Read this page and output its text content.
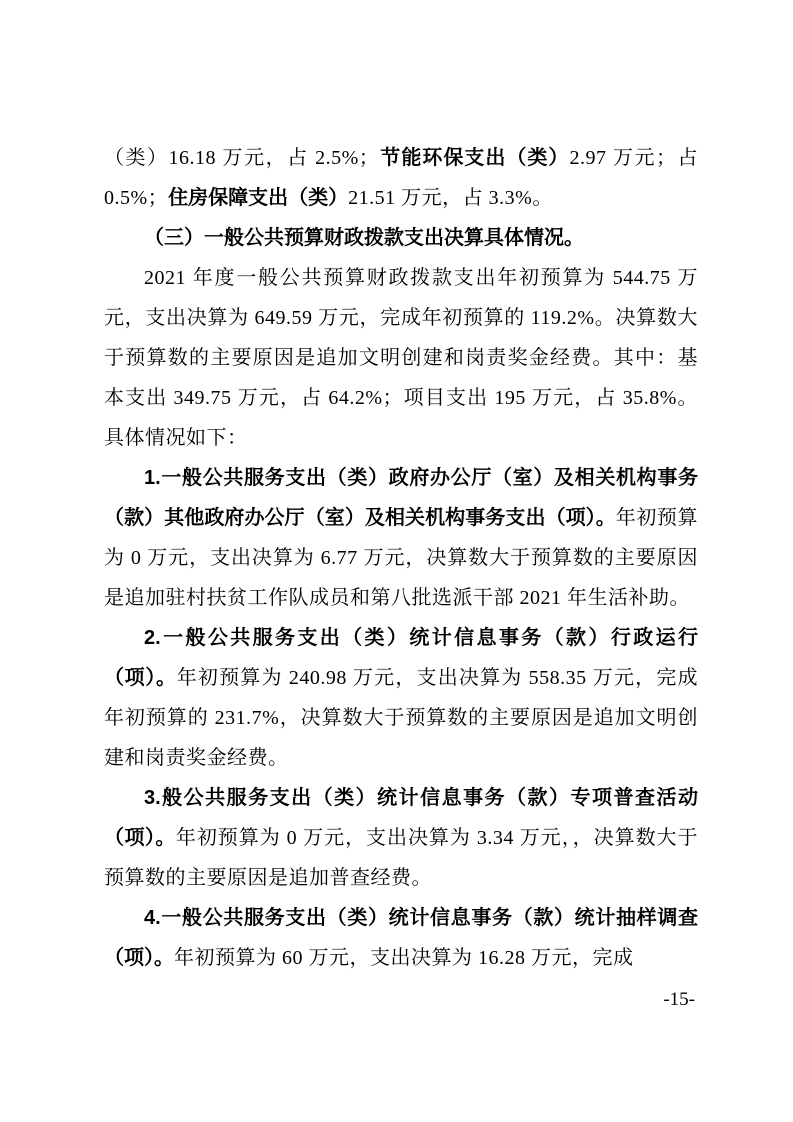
（类）16.18 万元，占 2.5%；节能环保支出（类）2.97 万元；占 0.5%；住房保障支出（类）21.51 万元，占 3.3%。

（三）一般公共预算财政拨款支出决算具体情况。

2021 年度一般公共预算财政拨款支出年初预算为 544.75 万元，支出决算为 649.59 万元，完成年初预算的 119.2%。决算数大于预算数的主要原因是追加文明创建和岗责奖金经费。其中：基本支出 349.75 万元，占 64.2%；项目支出 195 万元，占 35.8%。具体情况如下：

1.一般公共服务支出（类）政府办公厅（室）及相关机构事务（款）其他政府办公厅（室）及相关机构事务支出（项）。年初预算为 0 万元，支出决算为 6.77 万元，决算数大于预算数的主要原因是追加驻村扶贫工作队成员和第八批选派干部 2021 年生活补助。

2.一般公共服务支出（类）统计信息事务（款）行政运行（项）。年初预算为 240.98 万元，支出决算为 558.35 万元，完成年初预算的 231.7%，决算数大于预算数的主要原因是追加文明创建和岗责奖金经费。

3.般公共服务支出（类）统计信息事务（款）专项普查活动（项）。年初预算为 0 万元，支出决算为 3.34 万元，，决算数大于预算数的主要原因是追加普查经费。

4.一般公共服务支出（类）统计信息事务（款）统计抽样调查（项）。年初预算为 60 万元，支出决算为 16.28 万元，完成

-15-
